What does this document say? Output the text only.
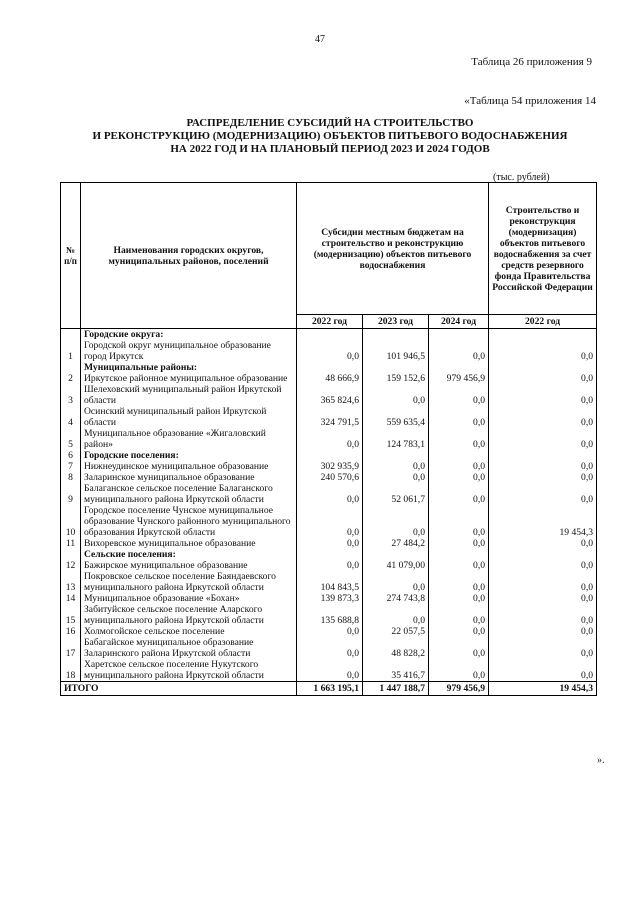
47
Таблица 26 приложения 9
«Таблица 54 приложения 14
РАСПРЕДЕЛЕНИЕ СУБСИДИЙ НА СТРОИТЕЛЬСТВО
И РЕКОНСТРУКЦИЮ (МОДЕРНИЗАЦИЮ) ОБЪЕКТОВ ПИТЬЕВОГО ВОДОСНАБЖЕНИЯ
НА 2022 ГОД И НА ПЛАНОВЫЙ ПЕРИОД 2023 И 2024 ГОДОВ
(тыс. рублей)
№ п/п	Наименования городских округов, муниципальных районов, поселений	Субсидии местным бюджетам на строительство и реконструкцию (модернизацию) объектов питьевого водоснабжения			Строительство и реконструкция (модернизация) объектов питьевого водоснабжения за счет средств резервного фонда Правительства Российской Федерации
		2022 год	2023 год	2024 год	2022 год
	Городские округа:				
1	Городской округ муниципальное образование город Иркутск	0,0	101 946,5	0,0	0,0
	Муниципальные районы:				
2	Иркутское районное муниципальное образование	48 666,9	159 152,6	979 456,9	0,0
3	Шелеховский муниципальный район Иркутской области	365 824,6	0,0	0,0	0,0
4	Осинский муниципальный район Иркутской области	324 791,5	559 635,4	0,0	0,0
5	Муниципальное образование «Жигаловский район»	0,0	124 783,1	0,0	0,0
6	Городские поселения:				
7	Нижнеудинское муниципальное образование	302 935,9	0,0	0,0	0,0
8	Заларинское муниципальное образование	240 570,6	0,0	0,0	0,0
9	Балаганское сельское поселение Балаганского муниципального района Иркутской области	0,0	52 061,7	0,0	0,0
10	Городское поселение Чунское муниципальное образование Чунского районного муниципального образования Иркутской области	0,0	0,0	0,0	19 454,3
11	Вихоревское муниципальное образование	0,0	27 484,2	0,0	0,0
	Сельские поселения:				
12	Бажирское муниципальное образование	0,0	41 079,00	0,0	0,0
13	Покровское сельское поселение Баяндаевского муниципального района Иркутской области	104 843,5	0,0	0,0	0,0
14	Муниципальное образование «Бохан»	139 873,3	274 743,8	0,0	0,0
15	Забитуйское сельское поселение Аларского муниципального района Иркутской области	135 688,8	0,0	0,0	0,0
16	Холмогойское сельское поселение	0,0	22 057,5	0,0	0,0
17	Бабагайское муниципальное образование Заларинского района Иркутской области	0,0	48 828,2	0,0	0,0
18	Харетское сельское поселение Нукутского муниципального района Иркутской области	0,0	35 416,7	0,0	0,0
ИТОГО		1 663 195,1	1 447 188,7	979 456,9	19 454,3
».
